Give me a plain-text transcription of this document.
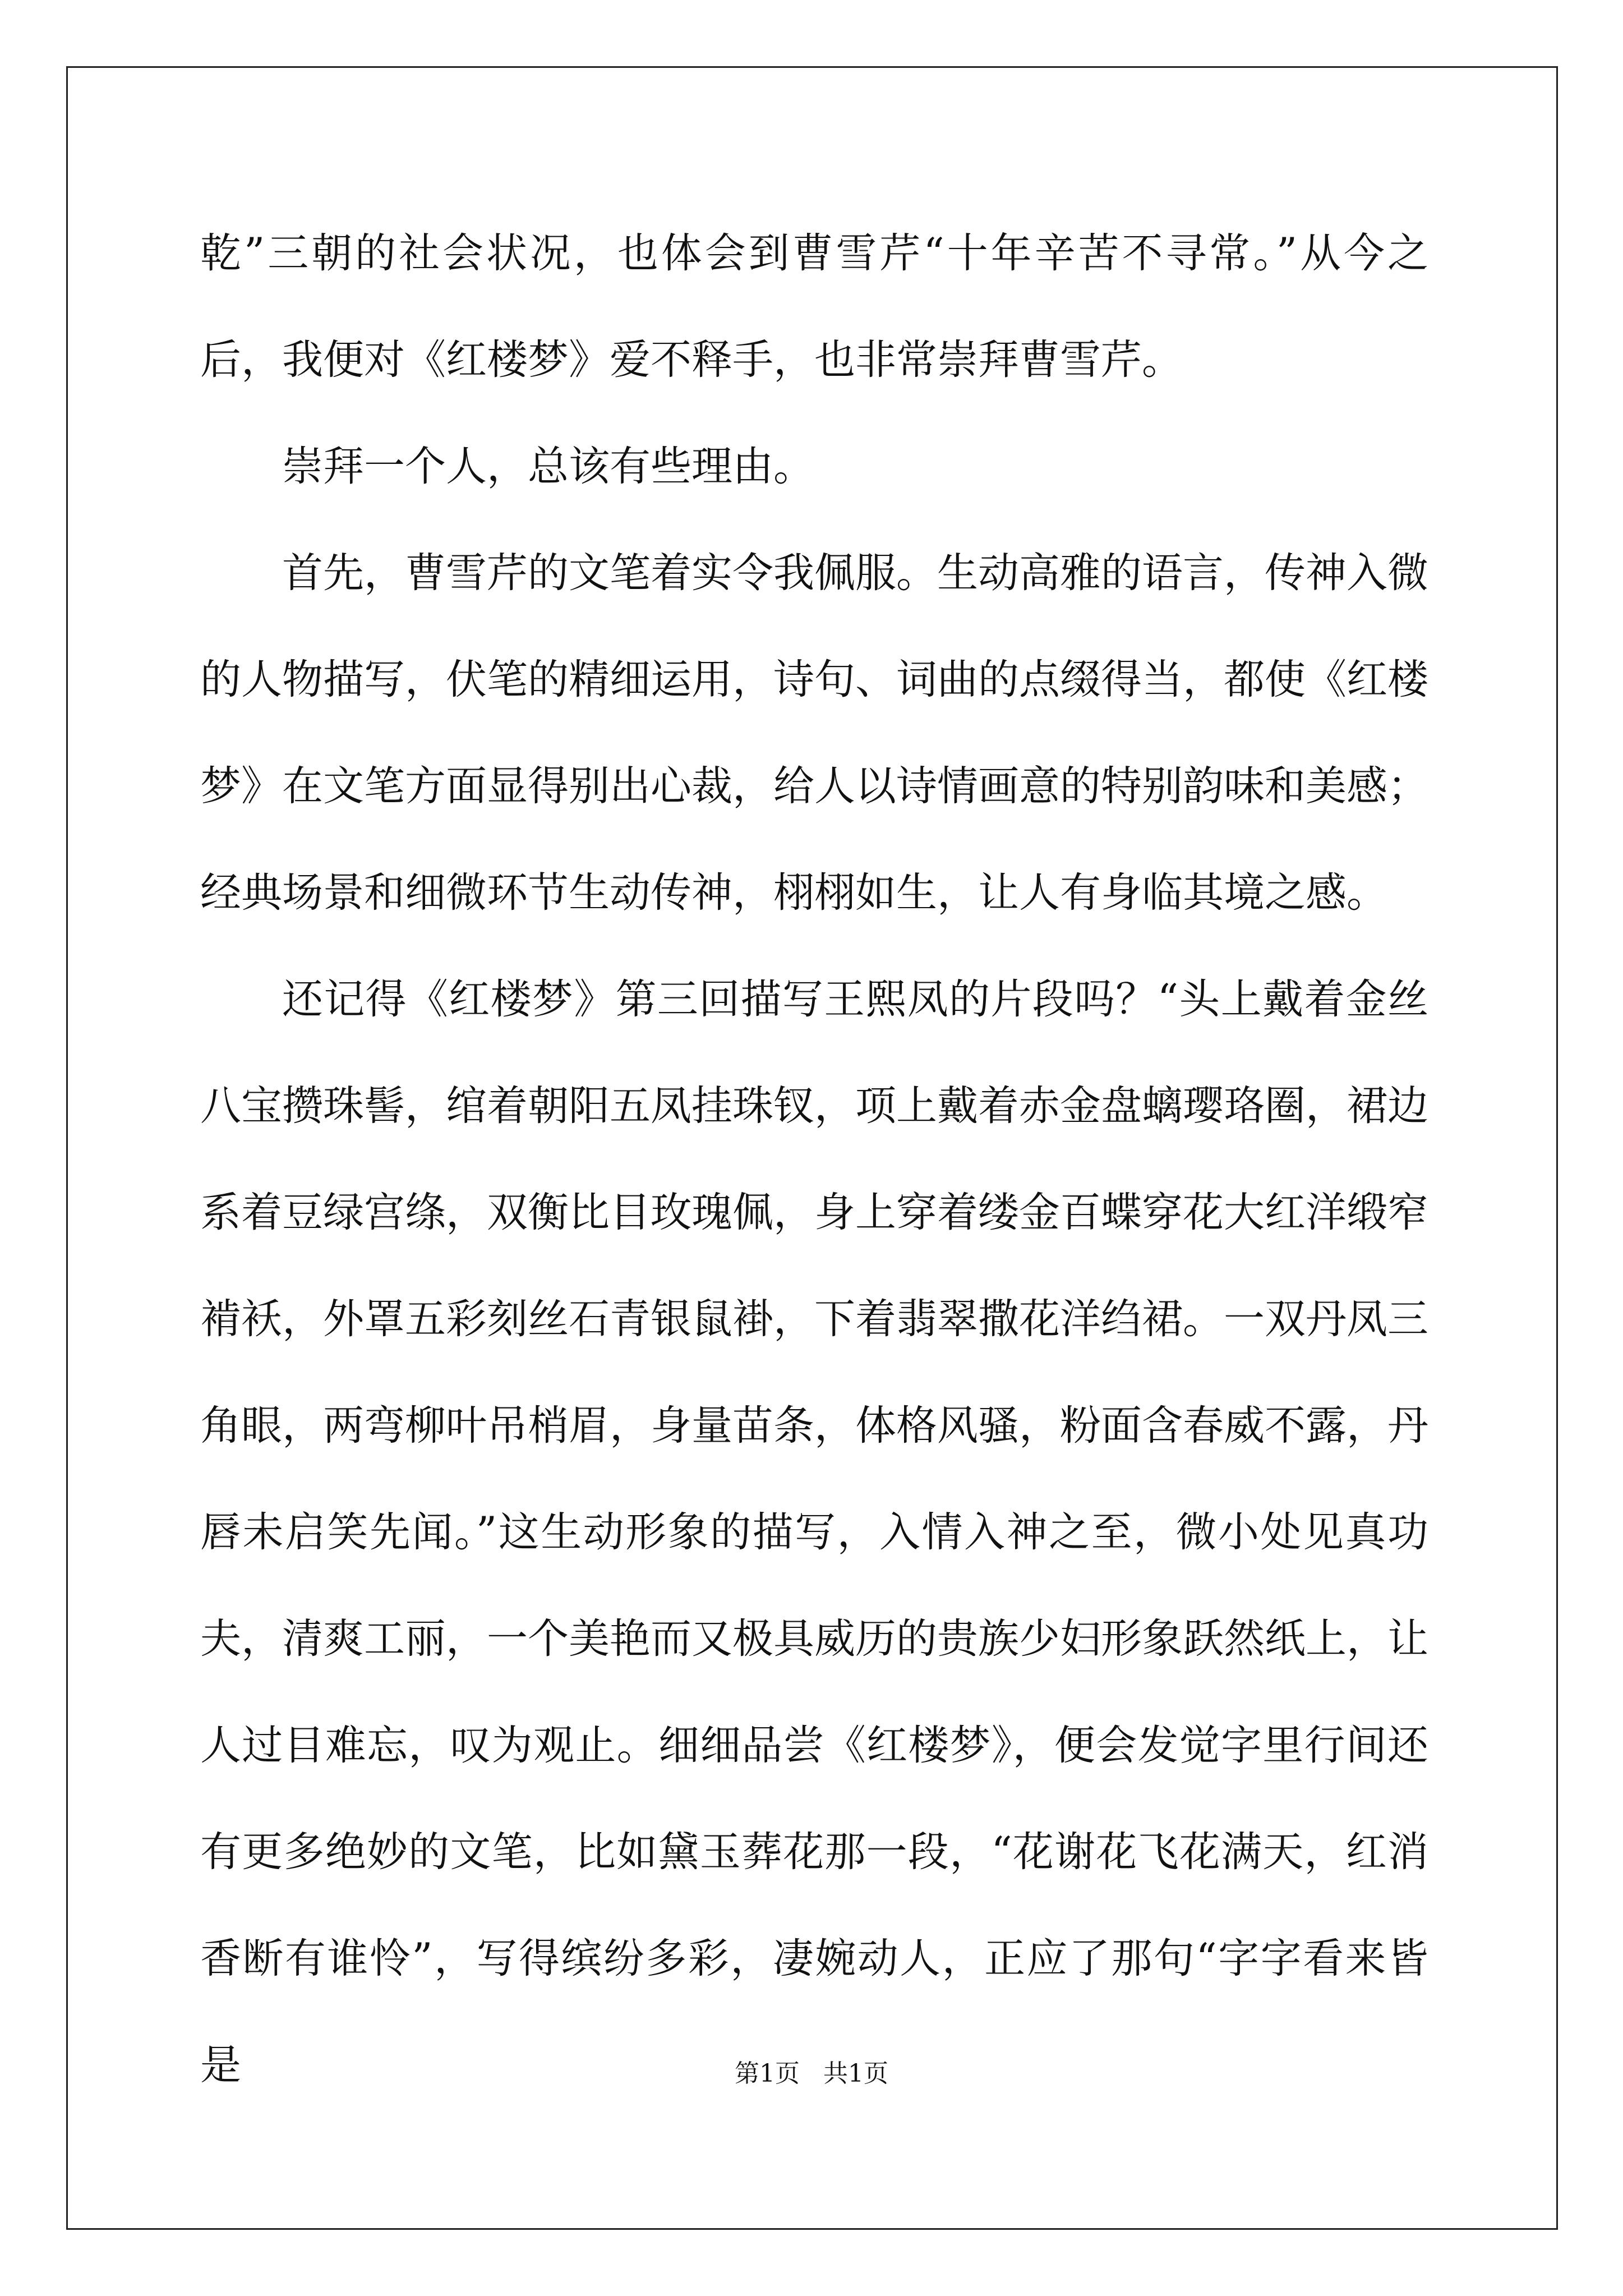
乾”三朝的社会状况，也体会到曹雪芹“十年辛苦不寻常。”从今之后，我便对《红楼梦》爱不释手，也非常崇拜曹雪芹。

崇拜一个人，总该有些理由。

首先，曹雪芹的文笔着实令我佩服。生动高雅的语言，传神入微的人物描写，伏笔的精细运用，诗句、词曲的点缀得当，都使《红楼梦》在文笔方面显得别出心裁，给人以诗情画意的特别韵味和美感；经典场景和细微环节生动传神，栩栩如生，让人有身临其境之感。

还记得《红楼梦》第三回描写王熙凤的片段吗？“头上戴着金丝八宝攒珠髻，绾着朝阳五凤挂珠钗，项上戴着赤金盘螭璎珞圈，裙边系着豆绿宫绦，双衡比目玫瑰佩，身上穿着缕金百蝶穿花大红洋缎窄褃袄，外罩五彩刻丝石青银鼠褂，下着翡翠撒花洋绉裙。一双丹凤三角眼，两弯柳叶吊梢眉，身量苗条，体格风骚，粉面含春威不露，丹唇未启笑先闻。”这生动形象的描写，入情入神之至，微小处见真功夫，清爽工丽，一个美艳而又极具威历的贵族少妇形象跃然纸上，让人过目难忘，叹为观止。细细品尝《红楼梦》，便会发觉字里行间还有更多绝妙的文笔，比如黛玉葬花那一段，“花谢花飞花满天，红消香断有谁怜”，写得缤纷多彩，凄婉动人，正应了那句“字字看来皆是	第1页   共1页
